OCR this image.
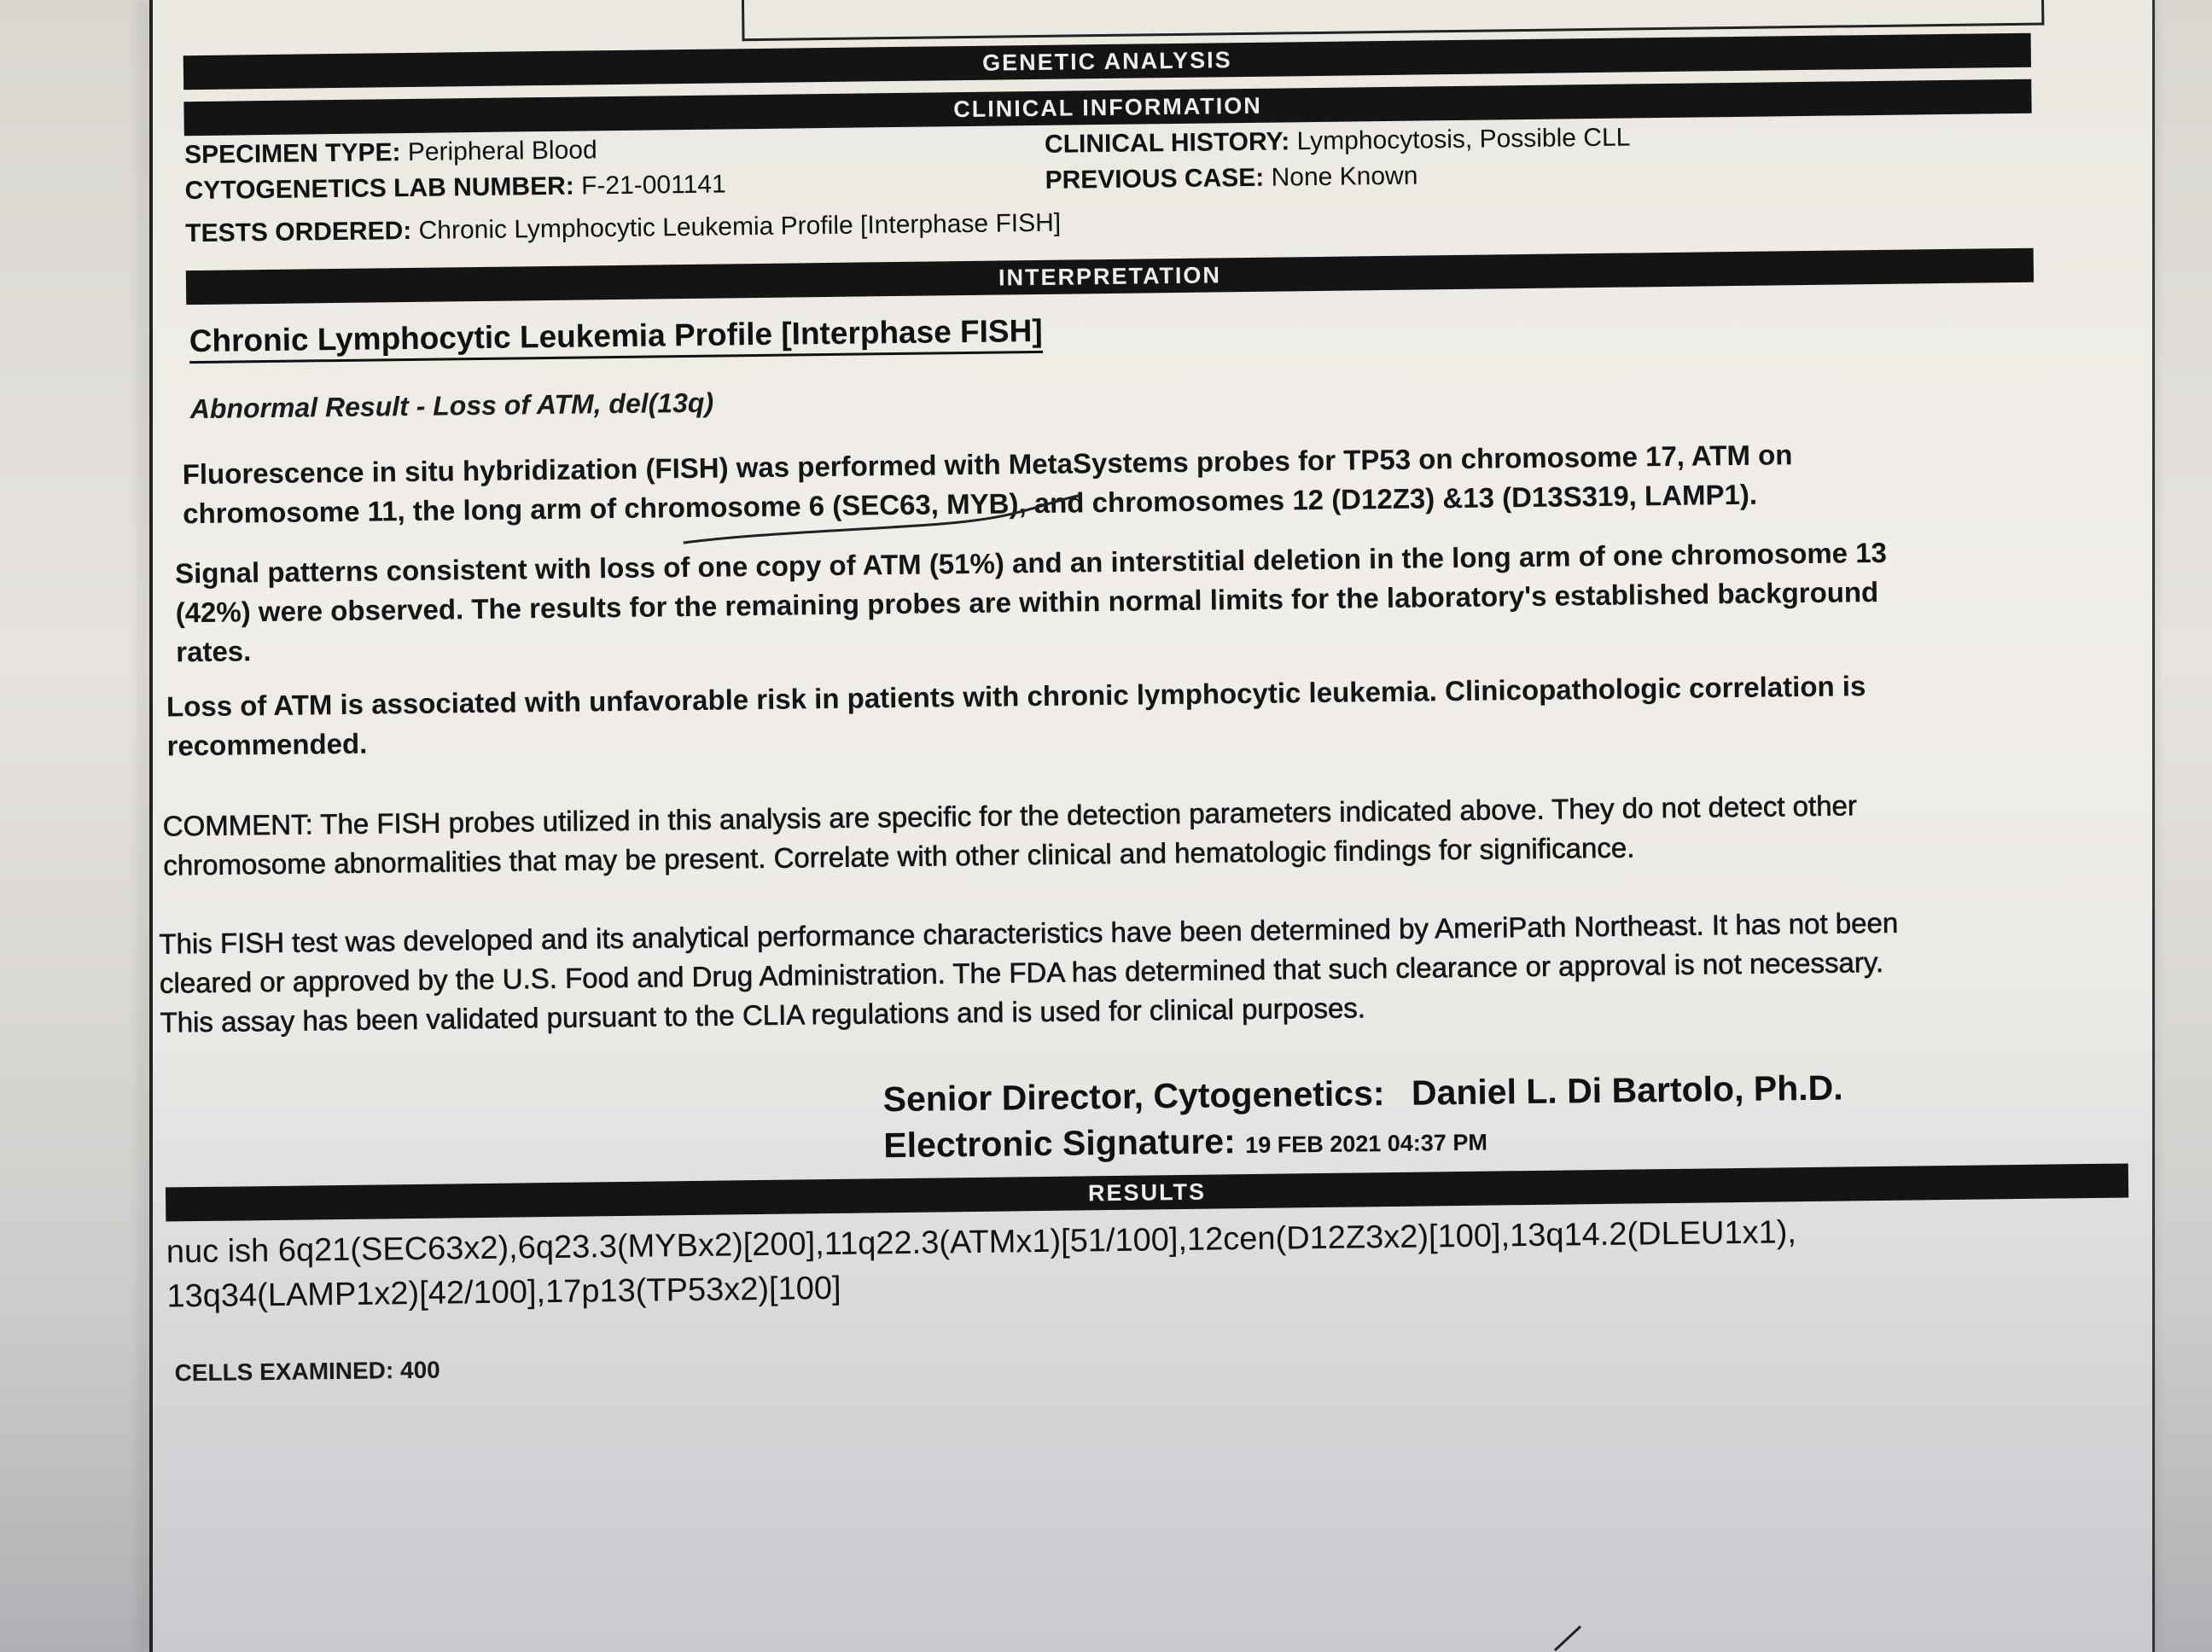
GENETIC ANALYSIS
CLINICAL INFORMATION
SPECIMEN TYPE: Peripheral Blood
CYTOGENETICS LAB NUMBER: F-21-001141
CLINICAL HISTORY: Lymphocytosis, Possible CLL
PREVIOUS CASE: None Known
TESTS ORDERED: Chronic Lymphocytic Leukemia Profile [Interphase FISH]
INTERPRETATION
Chronic Lymphocytic Leukemia Profile [Interphase FISH]
Abnormal Result - Loss of ATM, del(13q)
Fluorescence in situ hybridization (FISH) was performed with MetaSystems probes for TP53 on chromosome 17, ATM on
chromosome 11, the long arm of chromosome 6 (SEC63, MYB), and chromosomes 12 (D12Z3) &13 (D13S319, LAMP1).
Signal patterns consistent with loss of one copy of ATM (51%) and an interstitial deletion in the long arm of one chromosome 13
(42%) were observed. The results for the remaining probes are within normal limits for the laboratory's established background
rates.
Loss of ATM is associated with unfavorable risk in patients with chronic lymphocytic leukemia. Clinicopathologic correlation is
recommended.
COMMENT: The FISH probes utilized in this analysis are specific for the detection parameters indicated above. They do not detect other
chromosome abnormalities that may be present. Correlate with other clinical and hematologic findings for significance.
This FISH test was developed and its analytical performance characteristics have been determined by AmeriPath Northeast. It has not been
cleared or approved by the U.S. Food and Drug Administration. The FDA has determined that such clearance or approval is not necessary.
This assay has been validated pursuant to the CLIA regulations and is used for clinical purposes.
Senior Director, Cytogenetics: Daniel L. Di Bartolo, Ph.D.
Electronic Signature: 19 FEB 2021 04:37 PM
RESULTS
nuc ish 6q21(SEC63x2),6q23.3(MYBx2)[200],11q22.3(ATMx1)[51/100],12cen(D12Z3x2)[100],13q14.2(DLEU1x1),
13q34(LAMP1x2)[42/100],17p13(TP53x2)[100]
CELLS EXAMINED: 400
